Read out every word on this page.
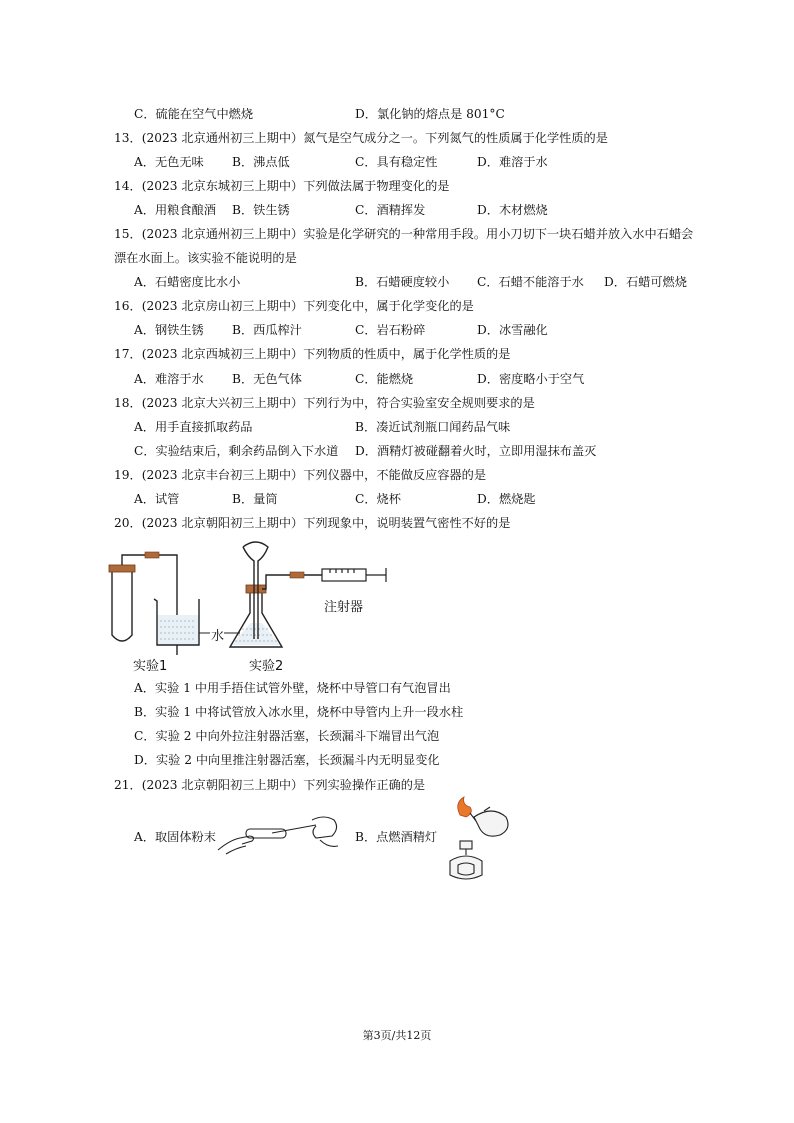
C．硫能在空气中燃烧	D．氯化钠的熔点是 801°C
13．(2023 北京通州初三上期中）氮气是空气成分之一。下列氮气的性质属于化学性质的是
A．无色无味 B．沸点低	C．具有稳定性	D．难溶于水
14．(2023 北京东城初三上期中）下列做法属于物理变化的是
A．用粮食酿酒 B．铁生锈	C．酒精挥发	D．木材燃烧
15．(2023 北京通州初三上期中）实验是化学研究的一种常用手段。用小刀切下一块石蜡并放入水中石蜡会
漂在水面上。该实验不能说明的是
A．石蜡密度比水小	B．石蜡硬度较小 C．石蜡不能溶于水 D．石蜡可燃烧
16．(2023 北京房山初三上期中）下列变化中，属于化学变化的是
A．钢铁生锈 B．西瓜榨汁	C．岩石粉碎	D．冰雪融化
17．(2023 北京西城初三上期中）下列物质的性质中，属于化学性质的是
A．难溶于水 B．无色气体	C．能燃烧	D．密度略小于空气
18．(2023 北京大兴初三上期中）下列行为中，符合实验室安全规则要求的是
A．用手直接抓取药品	B．凑近试剂瓶口闻药品气味
C．实验结束后，剩余药品倒入下水道 D．酒精灯被碰翻着火时，立即用湿抹布盖灭
19．(2023 北京丰台初三上期中）下列仪器中，不能做反应容器的是
A．试管	B．量筒	C．烧杯	D．燃烧匙
20．(2023 北京朝阳初三上期中）下列现象中，说明装置气密性不好的是
注射器
水
实验1	实验2
A．实验 1 中用手捂住试管外壁，烧杯中导管口有气泡冒出
B．实验 1 中将试管放入冰水里，烧杯中导管内上升一段水柱
C．实验 2 中向外拉注射器活塞，长颈漏斗下端冒出气泡
D．实验 2 中向里推注射器活塞，长颈漏斗内无明显变化
21．(2023 北京朝阳初三上期中）下列实验操作正确的是
A．取固体粉末	B．点燃酒精灯
第3页/共12页
